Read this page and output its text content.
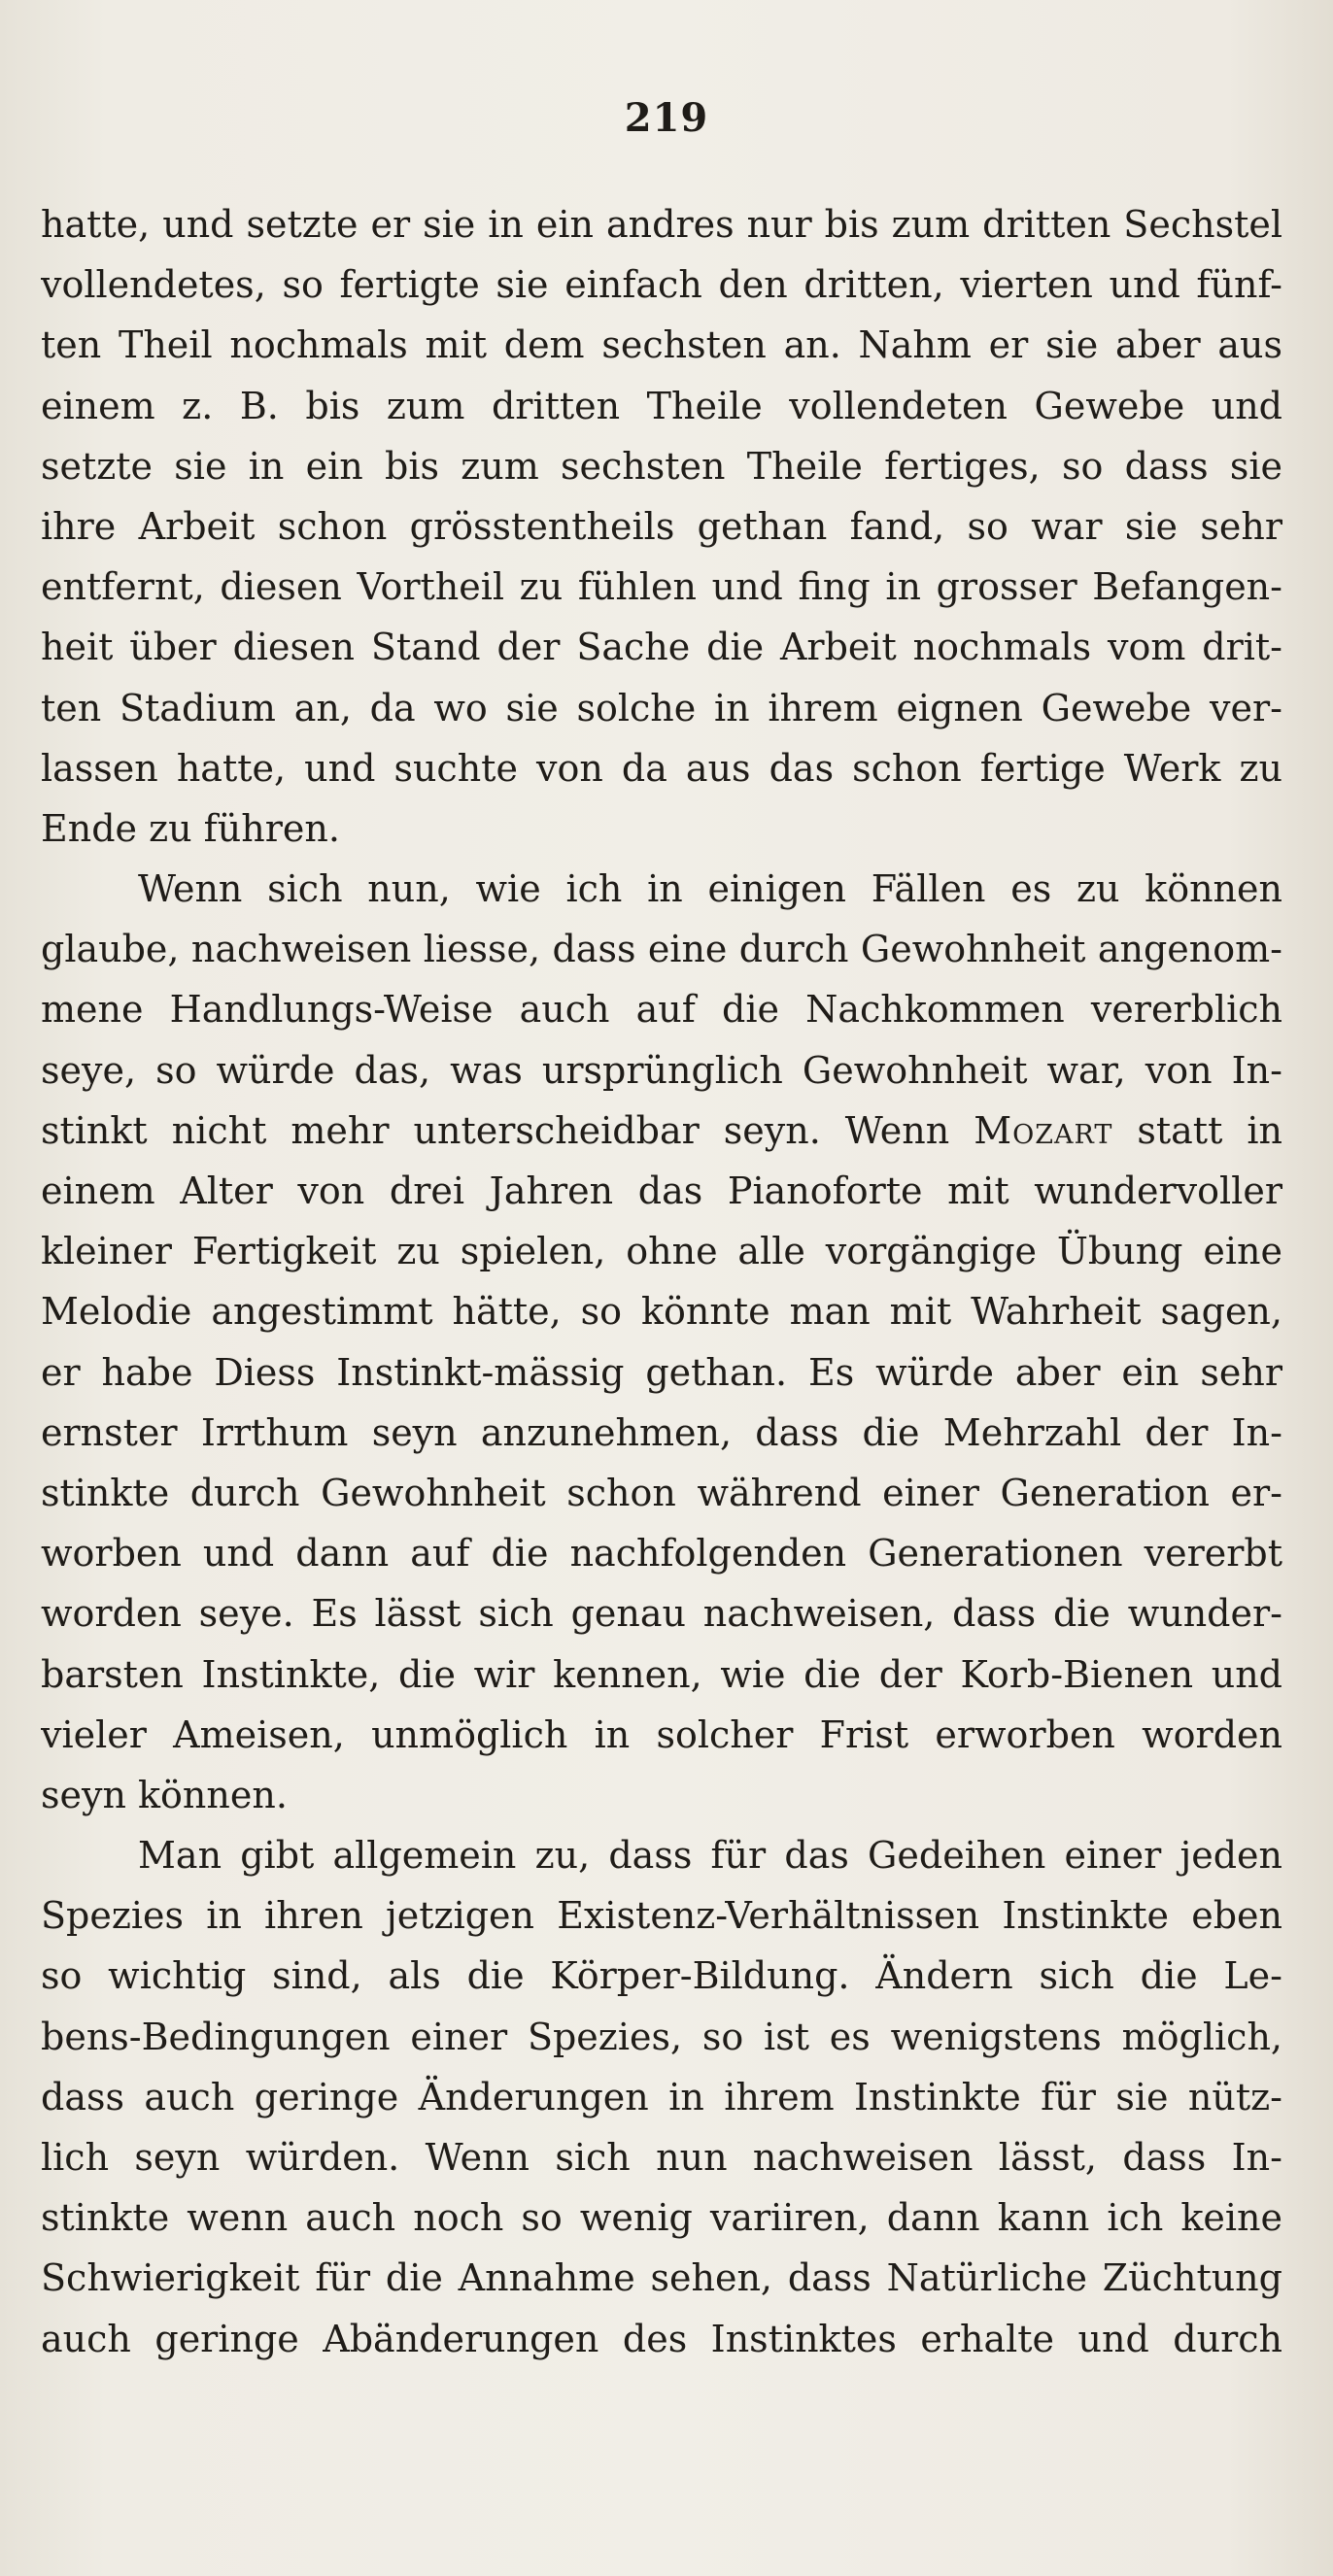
219
hatte, und setzte er sie in ein andres nur bis zum dritten Sechstel
vollendetes, so fertigte sie einfach den dritten, vierten und fünf-
ten Theil nochmals mit dem sechsten an. Nahm er sie aber aus
einem z. B. bis zum dritten Theile vollendeten Gewebe und
setzte sie in ein bis zum sechsten Theile fertiges, so dass sie
ihre Arbeit schon grösstentheils gethan fand, so war sie sehr
entfernt, diesen Vortheil zu fühlen und fing in grosser Befangen-
heit über diesen Stand der Sache die Arbeit nochmals vom drit-
ten Stadium an, da wo sie solche in ihrem eignen Gewebe ver-
lassen hatte, und suchte von da aus das schon fertige Werk zu
Ende zu führen.
Wenn sich nun, wie ich in einigen Fällen es zu können
glaube, nachweisen liesse, dass eine durch Gewohnheit angenom-
mene Handlungs-Weise auch auf die Nachkommen vererblich
seye, so würde das, was ursprünglich Gewohnheit war, von In-
stinkt nicht mehr unterscheidbar seyn. Wenn Mozart statt in
einem Alter von drei Jahren das Pianoforte mit wundervoller
kleiner Fertigkeit zu spielen, ohne alle vorgängige Übung eine
Melodie angestimmt hätte, so könnte man mit Wahrheit sagen,
er habe Diess Instinkt-mässig gethan. Es würde aber ein sehr
ernster Irrthum seyn anzunehmen, dass die Mehrzahl der In-
stinkte durch Gewohnheit schon während einer Generation er-
worben und dann auf die nachfolgenden Generationen vererbt
worden seye. Es lässt sich genau nachweisen, dass die wunder-
barsten Instinkte, die wir kennen, wie die der Korb-Bienen und
vieler Ameisen, unmöglich in solcher Frist erworben worden
seyn können.
Man gibt allgemein zu, dass für das Gedeihen einer jeden
Spezies in ihren jetzigen Existenz-Verhältnissen Instinkte eben
so wichtig sind, als die Körper-Bildung. Ändern sich die Le-
bens-Bedingungen einer Spezies, so ist es wenigstens möglich,
dass auch geringe Änderungen in ihrem Instinkte für sie nütz-
lich seyn würden. Wenn sich nun nachweisen lässt, dass In-
stinkte wenn auch noch so wenig variiren, dann kann ich keine
Schwierigkeit für die Annahme sehen, dass Natürliche Züchtung
auch geringe Abänderungen des Instinktes erhalte und durch
